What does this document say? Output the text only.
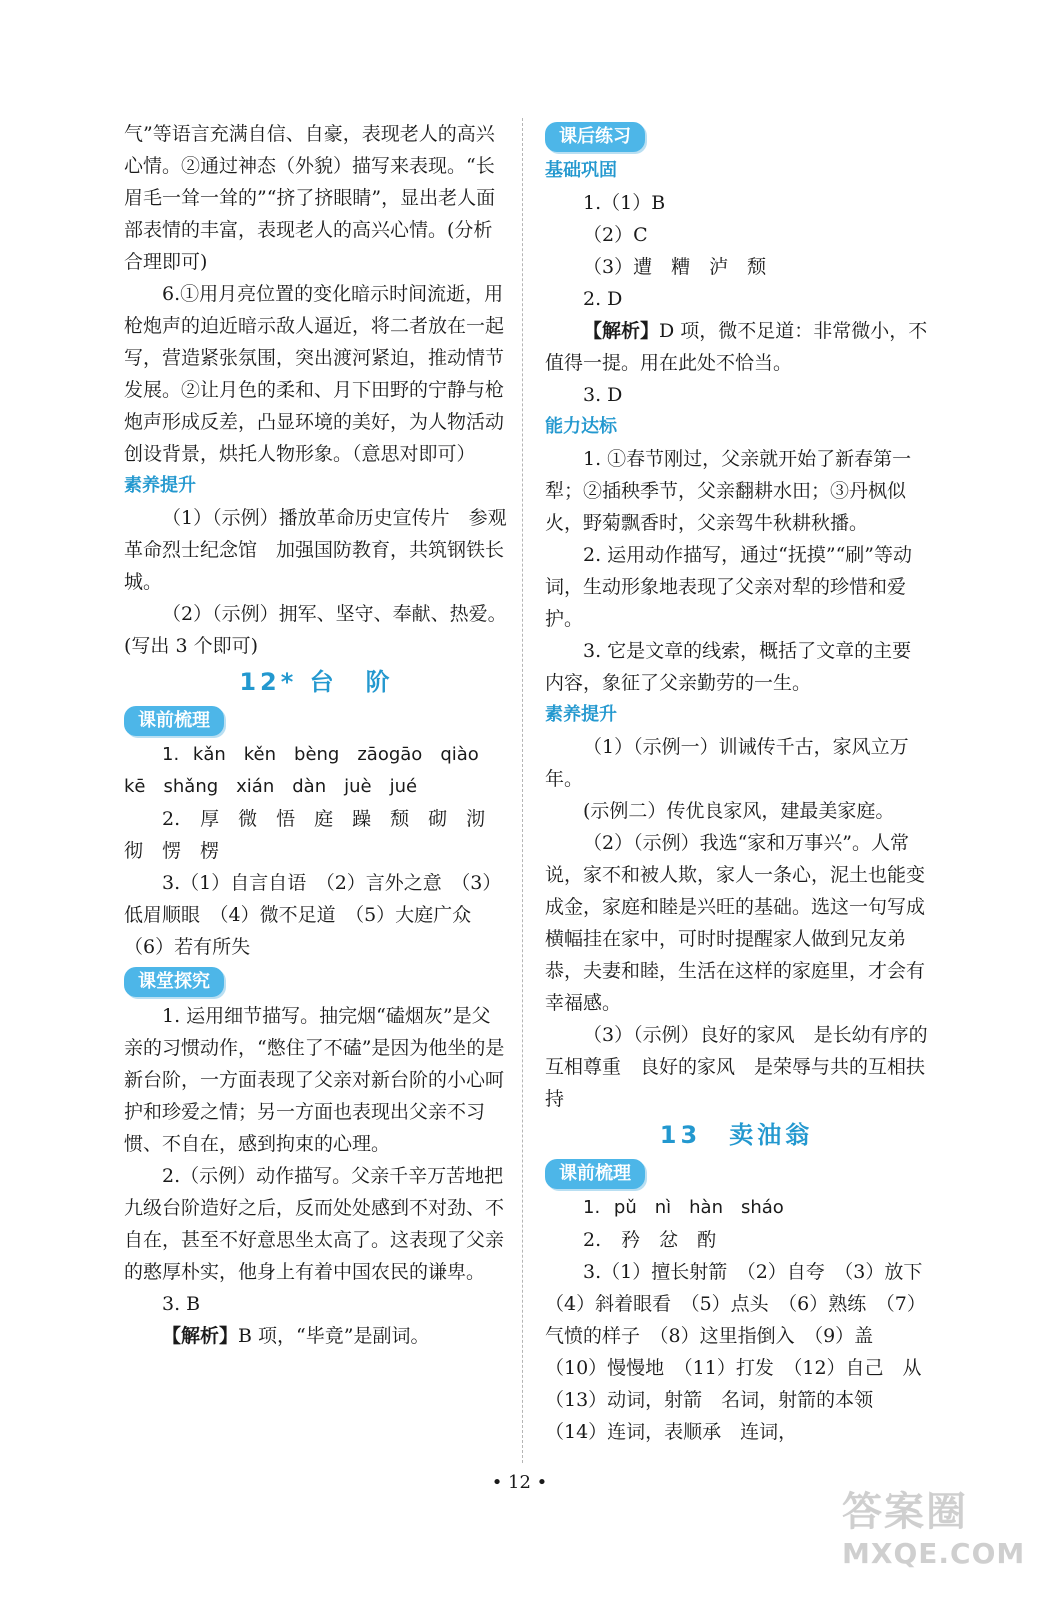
气”等语言充满自信、自豪，表现老人的高兴心情。②通过神态（外貌）描写来表现。“长眉毛一耸一耸的”“挤了挤眼睛”，显出老人面部表情的丰富，表现老人的高兴心情。(分析合理即可)

6.①用月亮位置的变化暗示时间流逝，用枪炮声的迫近暗示敌人逼近，将二者放在一起写，营造紧张氛围，突出渡河紧迫，推动情节发展。②让月色的柔和、月下田野的宁静与枪炮声形成反差，凸显环境的美好，为人物活动创设背景，烘托人物形象。（意思对即可）

素养提升

（1）（示例）播放革命历史宣传片　参观革命烈士纪念馆　加强国防教育，共筑钢铁长城。

（2）（示例）拥军、坚守、奉献、热爱。(写出 3 个即可)

12* 台　阶
课前梳理

1. kǎn　kěn　bèng　zāogāo　qiào　kē　shǎng　xián　dàn　juè　jué

2. 厚　微　悟　庭　躁　颓　砌　沏　彻　愣　楞

3.（1）自言自语　（2）言外之意　（3）低眉顺眼　（4）微不足道　（5）大庭广众　（6）若有所失

课堂探究

1. 运用细节描写。抽完烟“磕烟灰”是父亲的习惯动作，“憋住了不磕”是因为他坐的是新台阶，一方面表现了父亲对新台阶的小心呵护和珍爱之情；另一方面也表现出父亲不习惯、不自在，感到拘束的心理。

2.（示例）动作描写。父亲千辛万苦地把九级台阶造好之后，反而处处感到不对劲、不自在，甚至不好意思坐太高了。这表现了父亲的憨厚朴实，他身上有着中国农民的谦卑。

3. B

【解析】B 项，“毕竟”是副词。

课后练习
基础巩固

1.（1）B

（2）C

（3）遭　糟　泸　颓

2. D

【解析】D 项，微不足道：非常微小，不值得一提。用在此处不恰当。

3. D

能力达标

1. ①春节刚过，父亲就开始了新春第一犁；②插秧季节，父亲翻耕水田；③丹枫似火，野菊飘香时，父亲驾牛秋耕秋播。

2. 运用动作描写，通过“抚摸”“刷”等动词，生动形象地表现了父亲对犁的珍惜和爱护。

3. 它是文章的线索，概括了文章的主要内容，象征了父亲勤劳的一生。

素养提升

（1）（示例一）训诫传千古，家风立万年。

(示例二）传优良家风，建最美家庭。

（2）（示例）我选“家和万事兴”。人常说，家不和被人欺，家人一条心，泥土也能变成金，家庭和睦是兴旺的基础。选这一句写成横幅挂在家中，可时时提醒家人做到兄友弟恭，夫妻和睦，生活在这样的家庭里，才会有幸福感。

（3）（示例）良好的家风　是长幼有序的互相尊重　良好的家风　是荣辱与共的互相扶持

13　卖油翁
课前梳理

1. pǔ　nì　hàn　sháo

2. 矜　忿　酌

3.（1）擅长射箭　（2）自夸　（3）放下　（4）斜着眼看　（5）点头　（6）熟练　（7）气愤的样子　（8）这里指倒入　（9）盖　（10）慢慢地　（11）打发　（12）自己　从　（13）动词，射箭　名词，射箭的本领　（14）连词，表顺承　连词，

• 12 •
答案圈
MXQE.COM
